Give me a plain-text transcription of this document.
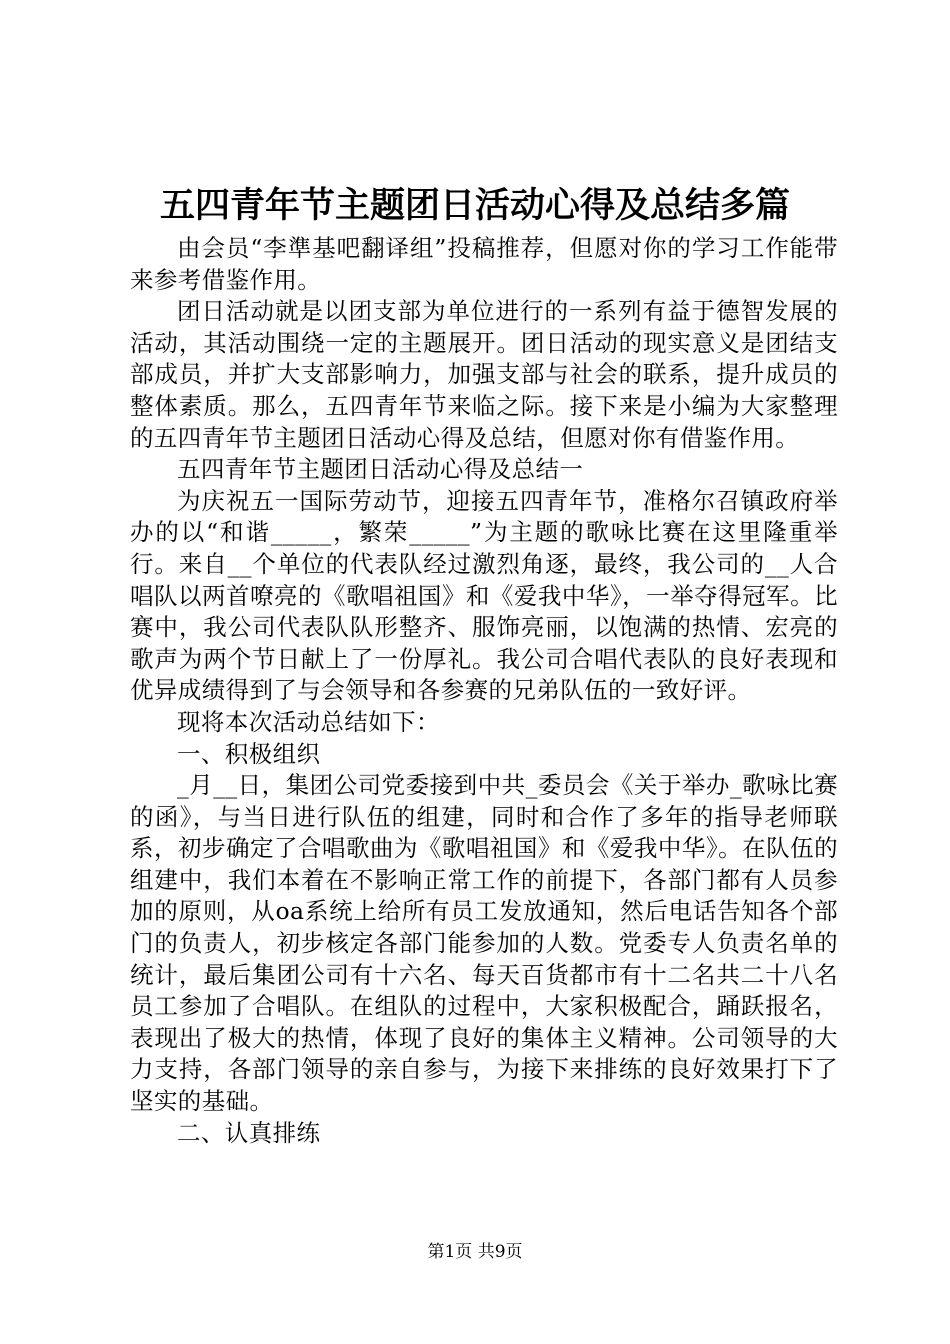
五四青年节主题团日活动心得及总结多篇

由会员“李準基吧翻译组”投稿推荐，但愿对你的学习工作能带来参考借鉴作用。

团日活动就是以团支部为单位进行的一系列有益于德智发展的活动，其活动围绕一定的主题展开。团日活动的现实意义是团结支部成员，并扩大支部影响力，加强支部与社会的联系，提升成员的整体素质。那么，五四青年节来临之际。接下来是小编为大家整理的五四青年节主题团日活动心得及总结，但愿对你有借鉴作用。

五四青年节主题团日活动心得及总结一

为庆祝五一国际劳动节，迎接五四青年节，准格尔召镇政府举办的以“和谐_____，繁荣_____”为主题的歌咏比赛在这里隆重举行。来自__个单位的代表队经过激烈角逐，最终，我公司的__人合唱队以两首嘹亮的《歌唱祖国》和《爱我中华》，一举夺得冠军。比赛中，我公司代表队队形整齐、服饰亮丽，以饱满的热情、宏亮的歌声为两个节日献上了一份厚礼。我公司合唱代表队的良好表现和优异成绩得到了与会领导和各参赛的兄弟队伍的一致好评。

现将本次活动总结如下：

一、积极组织

_月__日，集团公司党委接到中共_委员会《关于举办_歌咏比赛的函》，与当日进行队伍的组建，同时和合作了多年的指导老师联系，初步确定了合唱歌曲为《歌唱祖国》和《爱我中华》。在队伍的组建中，我们本着在不影响正常工作的前提下，各部门都有人员参加的原则，从oa系统上给所有员工发放通知，然后电话告知各个部门的负责人，初步核定各部门能参加的人数。党委专人负责名单的统计，最后集团公司有十六名、每天百货都市有十二名共二十八名员工参加了合唱队。在组队的过程中，大家积极配合，踊跃报名，表现出了极大的热情，体现了良好的集体主义精神。公司领导的大力支持，各部门领导的亲自参与，为接下来排练的良好效果打下了坚实的基础。

二、认真排练

第1页 共9页
